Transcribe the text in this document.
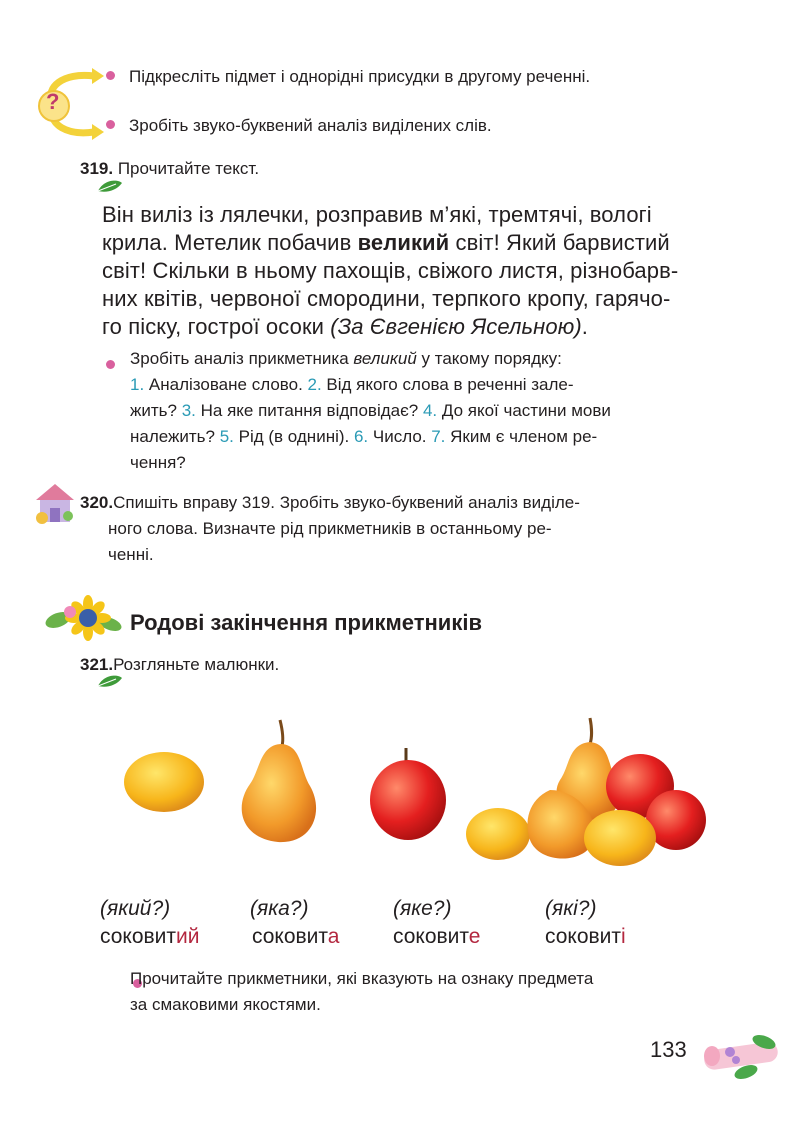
?
Підкресліть підмет і однорідні присудки в другому реченні.
Зробіть звуко-буквений аналіз виділених слів.
319. Прочитайте текст.
Він виліз із лялечки, розправив м’які, тремтячі, вологі
крила. Метелик побачив великий світ! Який барвистий
світ! Скільки в ньому пахощів, свіжого листя, різнобарв-
них квітів, червоної смородини, терпкого кропу, гарячо-
го піску, гострої осоки (За Євгенією Ясельною).

Зробіть аналіз прикметника великий у такому порядку:
1. Аналізоване слово. 2. Від якого слова в реченні зале-
жить? 3. На яке питання відповідає? 4. До якої частини мови
належить? 5. Рід (в однині). 6. Число. 7. Яким є членом ре-
чення?
320.Спишіть вправу 319. Зробіть звуко-буквений аналіз виділе-
ного слова. Визначте рід прикметників в останньому ре-
ченні.
Родові закінчення прикметників
321.Розгляньте малюнки.
(який?)	(яка?)	(яке?)	(які?)
соковитий	соковита	соковите	соковиті
Прочитайте прикметники, які вказують на ознаку предмета
за смаковими якостями.
133
